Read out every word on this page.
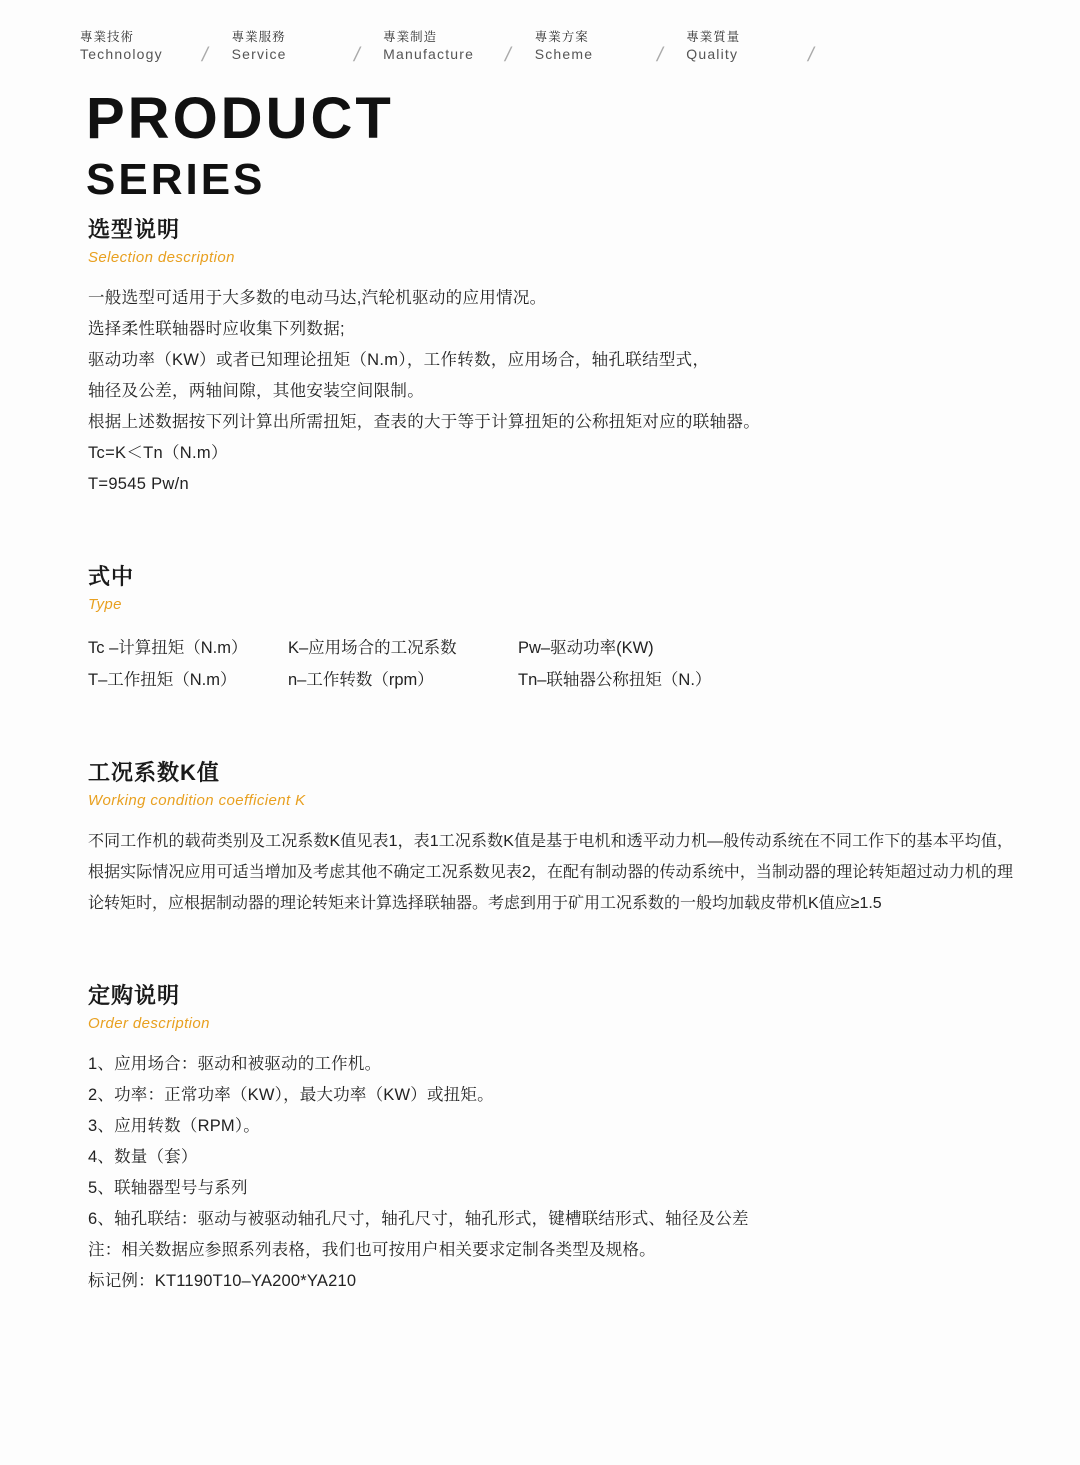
專業技術
Technology	/
專業服務
Service	/
專業制造
Manufacture	/
專業方案
Scheme	/
專業質量
Quality	/
PRODUCT
SERIES
选型说明
Selection description
一般选型可适用于大多数的电动马达,汽轮机驱动的应用情况。
选择柔性联轴器时应收集下列数据;
驱动功率（KW）或者已知理论扭矩（N.m），工作转数，应用场合，轴孔联结型式，
轴径及公差，两轴间隙，其他安装空间限制。
根据上述数据按下列计算出所需扭矩，查表的大于等于计算扭矩的公称扭矩对应的联轴器。
Tc=K＜Tn（N.m）
T=9545 Pw/n
式中
Type
Tc –计算扭矩（N.m）	K–应用场合的工况系数	Pw–驱动功率(KW)
T–工作扭矩（N.m）	n–工作转数（rpm）	Tn–联轴器公称扭矩（N.）
工况系数K值
Working condition coefficient K
不同工作机的载荷类别及工况系数K值见表1，表1工况系数K值是基于电机和透平动力机—般传动系统在不同工作下的基本平均值，根据实际情况应用可适当增加及考虑其他不确定工况系数见表2，在配有制动器的传动系统中，当制动器的理论转矩超过动力机的理论转矩时，应根据制动器的理论转矩来计算选择联轴器。考虑到用于矿用工况系数的一般均加载皮带机K值应≥1.5
定购说明
Order description
1、应用场合：驱动和被驱动的工作机。
2、功率：正常功率（KW），最大功率（KW）或扭矩。
3、应用转数（RPM）。
4、数量（套）
5、联轴器型号与系列
6、轴孔联结：驱动与被驱动轴孔尺寸，轴孔尺寸，轴孔形式，键槽联结形式、轴径及公差
注：相关数据应参照系列表格，我们也可按用户相关要求定制各类型及规格。
标记例：KT1190T10–YA200*YA210
